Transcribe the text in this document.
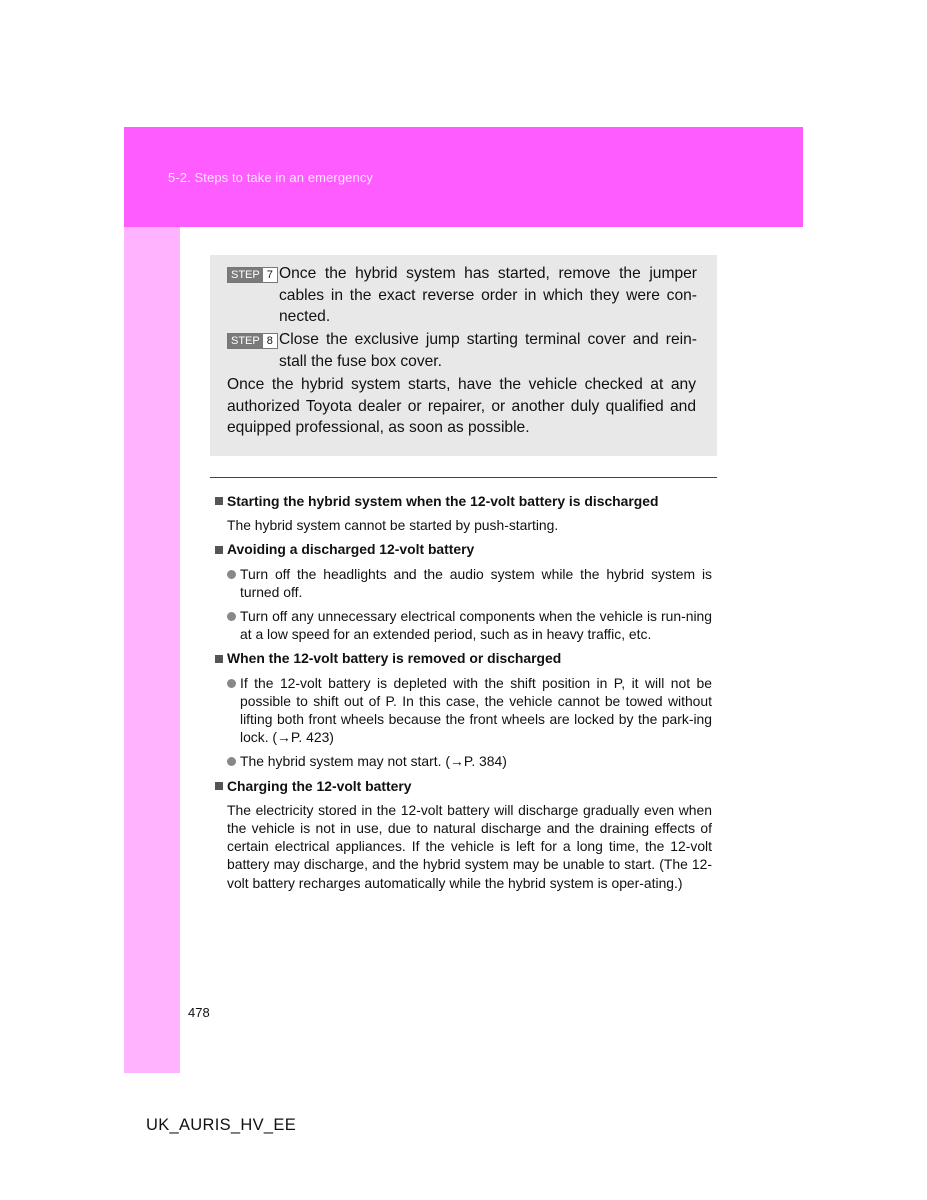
5-2. Steps to take in an emergency
STEP 7 Once the hybrid system has started, remove the jumper cables in the exact reverse order in which they were con-nected.
STEP 8 Close the exclusive jump starting terminal cover and rein-stall the fuse box cover.
Once the hybrid system starts, have the vehicle checked at any authorized Toyota dealer or repairer, or another duly qualified and equipped professional, as soon as possible.
Starting the hybrid system when the 12-volt battery is discharged
The hybrid system cannot be started by push-starting.
Avoiding a discharged 12-volt battery
Turn off the headlights and the audio system while the hybrid system is turned off.
Turn off any unnecessary electrical components when the vehicle is run-ning at a low speed for an extended period, such as in heavy traffic, etc.
When the 12-volt battery is removed or discharged
If the 12-volt battery is depleted with the shift position in P, it will not be possible to shift out of P. In this case, the vehicle cannot be towed without lifting both front wheels because the front wheels are locked by the park-ing lock. (→P. 423)
The hybrid system may not start. (→P. 384)
Charging the 12-volt battery
The electricity stored in the 12-volt battery will discharge gradually even when the vehicle is not in use, due to natural discharge and the draining effects of certain electrical appliances. If the vehicle is left for a long time, the 12-volt battery may discharge, and the hybrid system may be unable to start. (The 12-volt battery recharges automatically while the hybrid system is oper-ating.)
478
UK_AURIS_HV_EE
